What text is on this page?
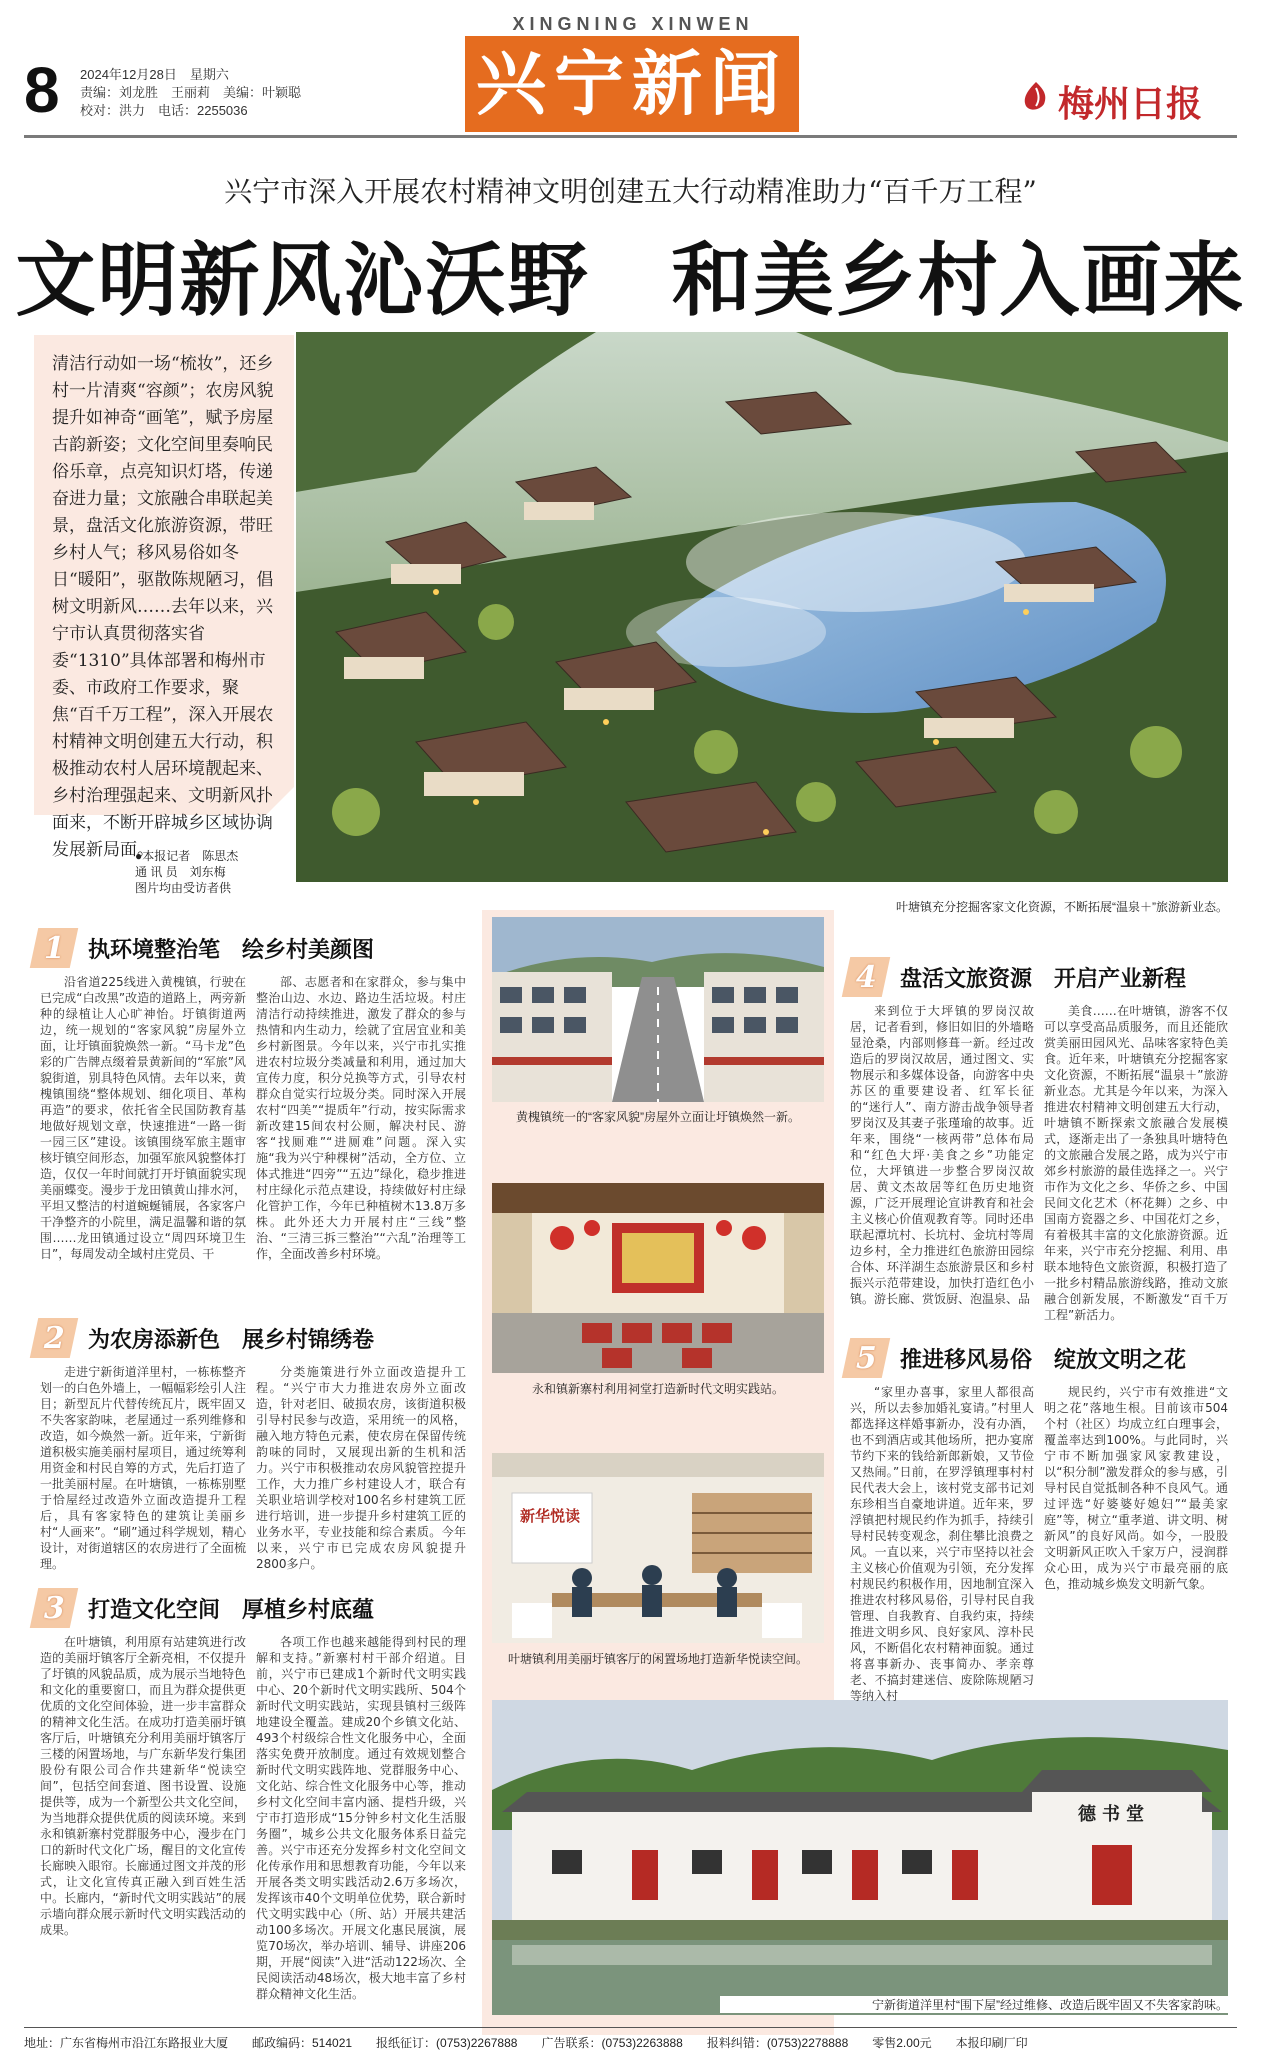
8 2024年12月28日　星期六
责编：刘龙胜　王丽莉　美编：叶颖聪
校对：洪力　电话：2255036
XINGNING XINWEN
兴宁新闻	梅州日报
兴宁市深入开展农村精神文明创建五大行动精准助力“百千万工程”
文明新风沁沃野　和美乡村入画来

清洁行动如一场“梳妆”，还乡村一片清爽“容颜”；农房风貌提升如神奇“画笔”，赋予房屋古韵新姿；文化空间里奏响民俗乐章，点亮知识灯塔，传递奋进力量；文旅融合串联起美景，盘活文化旅游资源，带旺乡村人气；移风易俗如冬日“暖阳”，驱散陈规陋习，倡树文明新风……去年以来，兴宁市认真贯彻落实省委“1310”具体部署和梅州市委、市政府工作要求，聚焦“百千万工程”，深入开展农村精神文明创建五大行动，积极推动农村人居环境靓起来、乡村治理强起来、文明新风扑面来，不断开辟城乡区域协调发展新局面。

●本报记者　陈思杰
通 讯 员　刘东梅
图片均由受访者供
叶塘镇充分挖掘客家文化资源，不断拓展“温泉＋”旅游新业态。
黄槐镇统一的“客家风貌”房屋外立面让圩镇焕然一新。
永和镇新寨村利用祠堂打造新时代文明实践站。
新华悦读
叶塘镇利用美丽圩镇客厅的闲置场地打造新华悦读空间。
德书堂
宁新街道洋里村“围下屋”经过维修、改造后既牢固又不失客家韵味。
1 执环境整治笔　绘乡村美颜图

沿省道225线进入黄槐镇，行驶在已完成“白改黑”改造的道路上，两旁新种的绿植让人心旷神怡。圩镇街道两边，统一规划的“客家风貌”房屋外立面，让圩镇面貌焕然一新。“马卡龙”色彩的广告牌点缀着景黄新间的“军旅”风貌街道，别具特色风情。去年以来，黄槐镇围绕“整体规划、细化项目、革构再造”的要求，依托省全民国防教育基地做好规划文章，快速推进“一路一街一园三区”建设。该镇围绕军旅主题审核圩镇空间形态，加强军旅风貌整体打造，仅仅一年时间就打开圩镇面貌实现美丽蝶变。漫步于龙田镇黄山排水河，平坦又整洁的村道蜿蜒铺展，各家客户干净整齐的小院里，满足温馨和谐的氛围……龙田镇通过设立“周四环境卫生日”，每周发动全域村庄党员、干

部、志愿者和在家群众，参与集中整治山边、水边、路边生活垃圾。村庄清洁行动持续推进，激发了群众的参与热情和内生动力，绘就了宜居宜业和美乡村新图景。今年以来，兴宁市扎实推进农村垃圾分类减量和利用，通过加大宣传力度，积分兑换等方式，引导农村群众自觉实行垃圾分类。同时深入开展农村“四美”“提质年”行动，按实际需求新改建15间农村公厕，解决村民、游客“找厕难”“进厕难”问题。深入实施“我为兴宁种棵树”活动，全方位、立体式推进“四旁”“五边”绿化，稳步推进村庄绿化示范点建设，持续做好村庄绿化管护工作，今年已种植树木13.8万多株。此外还大力开展村庄“三线”整治、“三清三拆三整治”“六乱”治理等工作，全面改善乡村环境。

2 为农房添新色　展乡村锦绣卷

走进宁新街道洋里村，一栋栋整齐划一的白色外墙上，一幅幅彩绘引人注目；新型瓦片代替传统瓦片，既牢固又不失客家韵味，老屋通过一系列维修和改造，如今焕然一新。近年来，宁新街道积极实施美丽村屋项目，通过统筹利用资金和村民自筹的方式，先后打造了一批美丽村屋。在叶塘镇，一栋栋别墅于恰屋经过改造外立面改造提升工程后，具有客家特色的建筑让美丽乡村“人画来”。“刷”通过科学规划，精心设计，对街道辖区的农房进行了全面梳理。

分类施策进行外立面改造提升工程。“兴宁市大力推进农房外立面改造，针对老旧、破损农房，该街道积极引导村民参与改造，采用统一的风格，融入地方特色元素，使农房在保留传统韵味的同时，又展现出新的生机和活力。兴宁市积极推动农房风貌管控提升工作，大力推广乡村建设人才，联合有关职业培训学校对100名乡村建筑工匠进行培训，进一步提升乡村建筑工匠的业务水平，专业技能和综合素质。今年以来，兴宁市已完成农房风貌提升2800多户。

3 打造文化空间　厚植乡村底蕴

在叶塘镇，利用原有站建筑进行改造的美丽圩镇客厅全新亮相，不仅提升了圩镇的风貌品质，成为展示当地特色和文化的重要窗口，而且为群众提供更优质的文化空间体验，进一步丰富群众的精神文化生活。在成功打造美丽圩镇客厅后，叶塘镇充分利用美丽圩镇客厅三楼的闲置场地，与广东新华发行集团股份有限公司合作共建新华“悦读空间”，包括空间套道、图书设置、设施提供等，成为一个新型公共文化空间，为当地群众提供优质的阅读环境。来到永和镇新寨村党群服务中心，漫步在门口的新时代文化广场，醒目的文化宣传长廊映入眼帘。长廊通过图文并茂的形式，让文化宣传真正融入到百姓生活中。长廊内，“新时代文明实践站”的展示墙向群众展示新时代文明实践活动的成果。

各项工作也越来越能得到村民的理解和支持。”新寨村村干部介绍道。目前，兴宁市已建成1个新时代文明实践中心、20个新时代文明实践所、504个新时代文明实践站，实现县镇村三级阵地建设全覆盖。建成20个乡镇文化站、493个村级综合性文化服务中心，全面落实免费开放制度。通过有效规划整合新时代文明实践阵地、党群服务中心、文化站、综合性文化服务中心等，推动乡村文化空间丰富内涵、提档升级，兴宁市打造形成“15分钟乡村文化生活服务圈”，城乡公共文化服务体系日益完善。兴宁市还充分发挥乡村文化空间文化传承作用和思想教育功能，今年以来开展各类文明实践活动2.6万多场次，发挥该市40个文明单位优势，联合新时代文明实践中心（所、站）开展共建活动100多场次。开展文化惠民展演，展览70场次，举办培训、辅导、讲座206期，开展“阅读”入进“活动122场次、全民阅读活动48场次，极大地丰富了乡村群众精神文化生活。

4 盘活文旅资源　开启产业新程

来到位于大坪镇的罗岗汉故居，记者看到，修旧如旧的外墙略显沧桑，内部则修葺一新。经过改造后的罗岗汉故居，通过图文、实物展示和多媒体设备，向游客中央苏区的重要建设者、红军长征的“迷行人”、南方游击战争领导者罗岗汉及其妻子张瑾瑜的故事。近年来，围绕“一核两带”总体布局和“红色大坪·美食之乡”功能定位，大坪镇进一步整合罗岗汉故居、黄文杰故居等红色历史地资源，广泛开展理论宣讲教育和社会主义核心价值观教育等。同时还串联起潭坑村、长坑村、金坑村等周边乡村，全力推进红色旅游田园综合体、环洋湖生态旅游景区和乡村振兴示范带建设，加快打造红色小镇。游长廊、赏饭厨、泡温泉、品

美食……在叶塘镇，游客不仅可以享受高品质服务，而且还能欣赏美丽田园风光、品味客家特色美食。近年来，叶塘镇充分挖掘客家文化资源，不断拓展“温泉＋”旅游新业态。尤其是今年以来，为深入推进农村精神文明创建五大行动，叶塘镇不断探索文旅融合发展模式，逐渐走出了一条独具叶塘特色的文旅融合发展之路，成为兴宁市郊乡村旅游的最佳选择之一。兴宁市作为文化之乡、华侨之乡、中国民间文化艺术（杯花舞）之乡、中国南方瓷器之乡、中国花灯之乡，有着极其丰富的文化旅游资源。近年来，兴宁市充分挖掘、利用、串联本地特色文旅资源，积极打造了一批乡村精品旅游线路，推动文旅融合创新发展，不断激发“百千万工程”新活力。

5 推进移风易俗　绽放文明之花

“家里办喜事，家里人都很高兴，所以去参加婚礼宴请。”村里人都选择这样婚事新办，没有办酒，也不到酒店或其他场所，把办宴席节约下来的钱给新郎新娘，又节俭又热闹。”日前，在罗浮镇理事村村民代表大会上，该村党支部书记刘东珍相当自豪地讲道。近年来，罗浮镇把村规民约作为抓手，持续引导村民转变观念，刹住攀比浪费之风。一直以来，兴宁市坚持以社会主义核心价值观为引领，充分发挥村规民约积极作用，因地制宜深入推进农村移风易俗，引导村民自我管理、自我教育、自我约束，持续推进文明乡风、良好家风、淳朴民风，不断倡化农村精神面貌。通过将喜事新办、丧事简办、孝亲尊老、不搞封建迷信、废除陈规陋习等纳入村

规民约，兴宁市有效推进“文明之花”落地生根。目前该市504个村（社区）均成立红白理事会，覆盖率达到100%。与此同时，兴宁市不断加强家风家教建设，以“积分制”激发群众的参与感，引导村民自觉抵制各种不良风气。通过评选“好婆婆好媳妇”“最美家庭”等，树立“重孝道、讲文明、树新风”的良好风尚。如今，一股股文明新风正吹入千家万户，浸润群众心田，成为兴宁市最亮丽的底色，推动城乡焕发文明新气象。

地址：广东省梅州市沿江东路报业大厦　　邮政编码：514021　　报纸征订：(0753)2267888　　广告联系：(0753)2263888　　报料纠错：(0753)2278888　　零售2.00元　　本报印刷厂印
